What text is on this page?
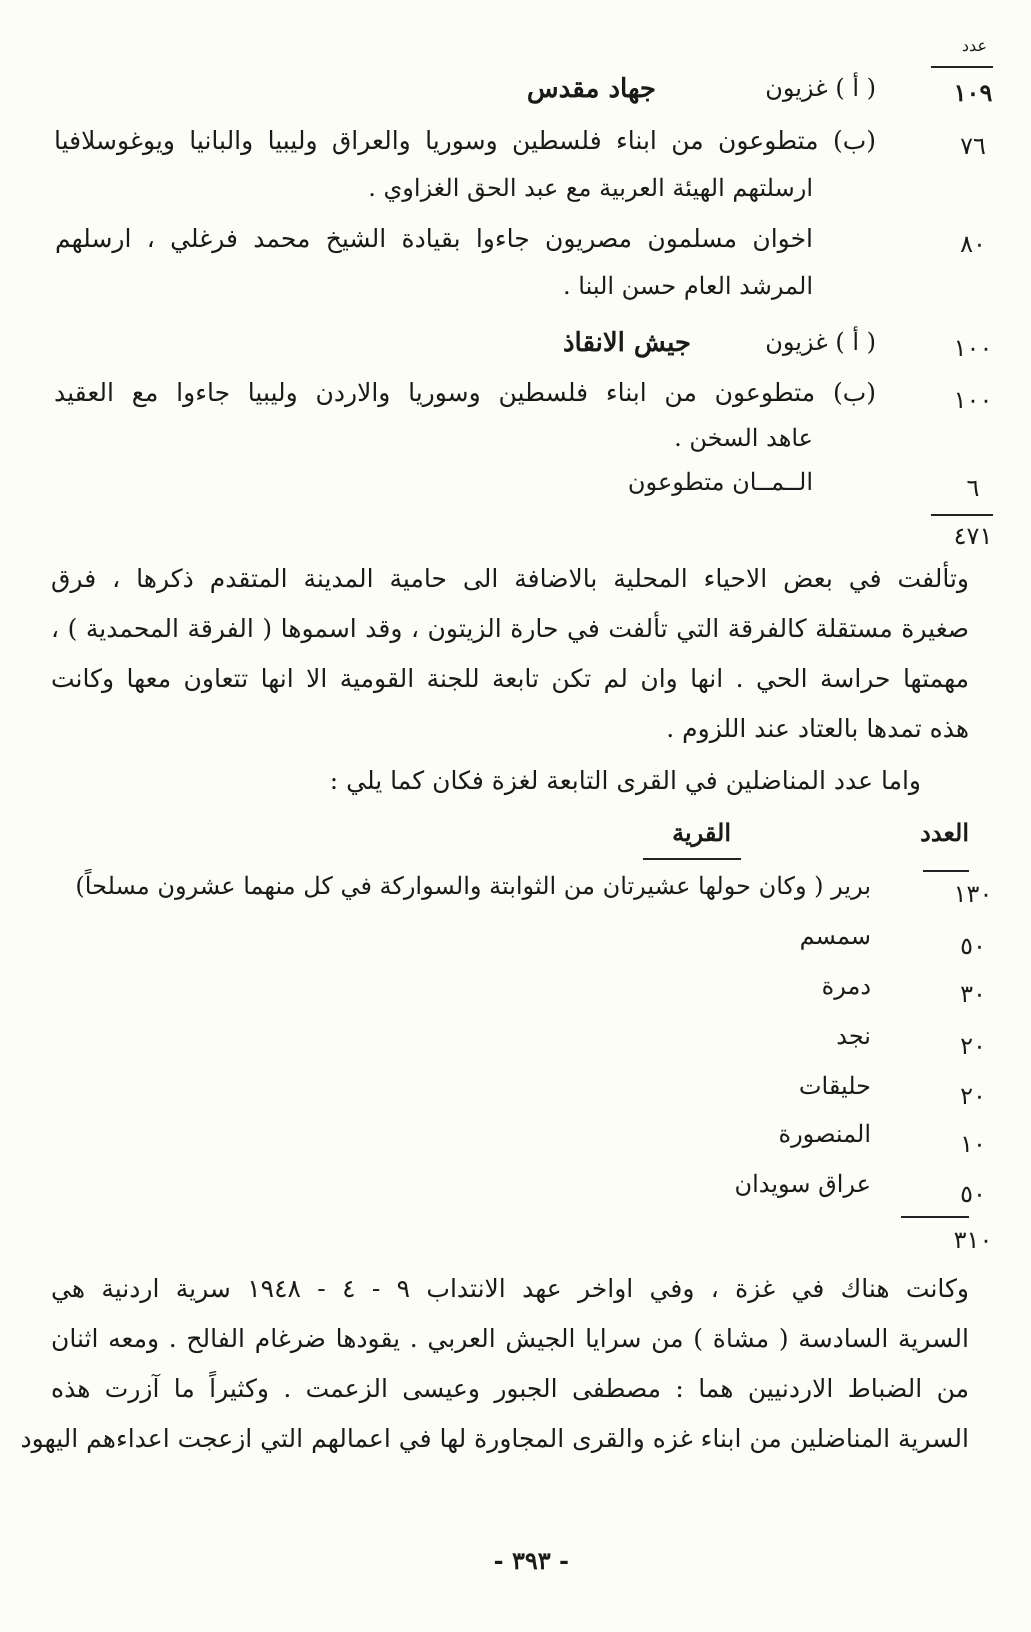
عدد
١٠٩
( أ ) غزيون
جهاد مقدس
٧٦
(ب) متطوعون من ابناء فلسطين وسوريا والعراق وليبيا والبانيا ويوغوسلافيا
ارسلتهم الهيئة العربية مع عبد الحق الغزاوي .
٨٠
اخوان مسلمون مصريون جاءوا بقيادة الشيخ محمد فرغلي ، ارسلهم
المرشد العام حسن البنا .
١٠٠
( أ ) غزيون
جيش الانقاذ
١٠٠
(ب) متطوعون من ابناء فلسطين وسوريا والاردن وليبيا جاءوا مع العقيد
عاهد السخن .
٦
الــمــان متطوعون
٤٧١
وتألفت في بعض الاحياء المحلية بالاضافة الى حامية المدينة المتقدم ذكرها ، فرق
صغيرة مستقلة كالفرقة التي تألفت في حارة الزيتون ، وقد اسموها ( الفرقة المحمدية ) ،
مهمتها حراسة الحي . انها وان لم تكن تابعة للجنة القومية الا انها تتعاون معها وكانت
هذه تمدها بالعتاد عند اللزوم .
واما عدد المناضلين في القرى التابعة لغزة فكان كما يلي :
العدد
القرية
١٣٠
برير ( وكان حولها عشيرتان من الثوابتة والسواركة في كل منهما عشرون مسلحاً)
٥٠
سمسم
٣٠
دمرة
٢٠
نجد
٢٠
حليقات
١٠
المنصورة
٥٠
عراق سويدان
٣١٠
وكانت هناك في غزة ، وفي اواخر عهد الانتداب ٩ - ٤ - ١٩٤٨ سرية اردنية هي
السرية السادسة ( مشاة ) من سرايا الجيش العربي . يقودها ضرغام الفالح . ومعه اثنان
من الضباط الاردنيين هما : مصطفى الجبور وعيسى الزعمت . وكثيراً ما آزرت هذه
السرية المناضلين من ابناء غزه والقرى المجاورة لها في اعمالهم التي ازعجت اعداءهم اليهود
- ٣٩٣ -
